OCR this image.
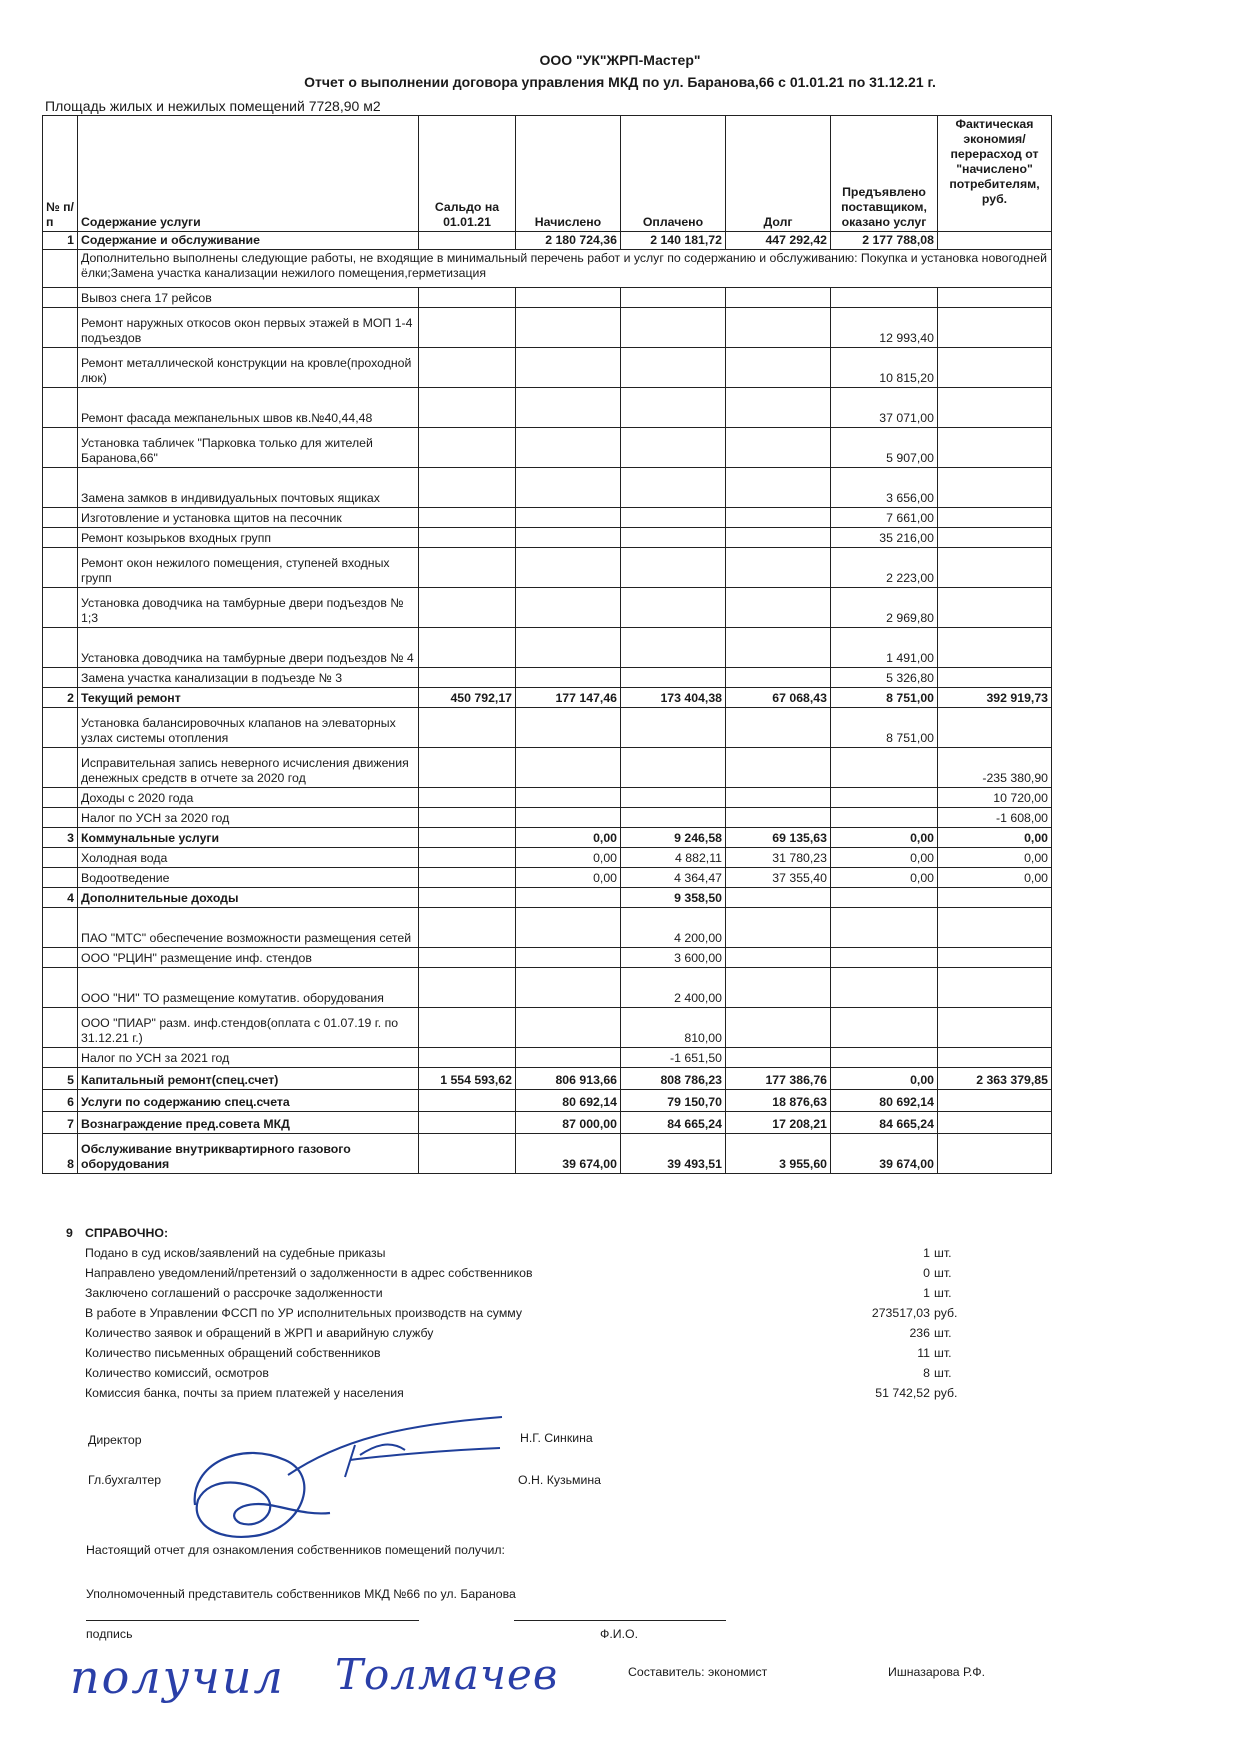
ООО "УК"ЖРП-Мастер"
Отчет о выполнении договора управления МКД по ул. Баранова,66 с 01.01.21 по 31.12.21 г.
Площадь жилых и нежилых помещений 7728,90 м2
№ п/п	Содержание услуги	Сальдо на 01.01.21	Начислено	Оплачено	Долг	Предъявлено поставщиком, оказано услуг	Фактическая экономия/перерасход от "начислено" потребителям, руб.
1	Содержание и обслуживание		2 180 724,36	2 140 181,72	447 292,42	2 177 788,08	
	Дополнительно выполнены следующие работы, не входящие в минимальный перечень работ и услуг по содержанию и обслуживанию: Покупка и установка новогодней ёлки;Замена участка канализации нежилого помещения,герметизация						
	Вывоз снега 17 рейсов						
	Ремонт наружных откосов окон первых этажей в МОП 1-4 подъездов					12 993,40	
	Ремонт металлической конструкции на кровле(проходной люк)					10 815,20	
	Ремонт фасада межпанельных швов кв.№40,44,48					37 071,00	
	Установка табличек "Парковка только для жителей Баранова,66"					5 907,00	
	Замена замков в индивидуальных почтовых ящиках					3 656,00	
	Изготовление и установка щитов на песочник					7 661,00	
	Ремонт козырьков входных групп					35 216,00	
	Ремонт окон нежилого помещения, ступеней входных групп					2 223,00	
	Установка доводчика на тамбурные двери подъездов № 1;3					2 969,80	
	Установка доводчика на тамбурные двери подъездов № 4					1 491,00	
	Замена участка канализации в подъезде № 3					5 326,80	
2	Текущий ремонт	450 792,17	177 147,46	173 404,38	67 068,43	8 751,00	392 919,73
	Установка балансировочных клапанов на элеваторных узлах системы отопления					8 751,00	
	Исправительная запись неверного исчисления движения денежных средств в отчете за 2020 год						-235 380,90
	Доходы с 2020 года						10 720,00
	Налог по УСН за 2020 год						-1 608,00
3	Коммунальные услуги		0,00	9 246,58	69 135,63	0,00	0,00
	Холодная вода		0,00	4 882,11	31 780,23	0,00	0,00
	Водоотведение		0,00	4 364,47	37 355,40	0,00	0,00
4	Дополнительные доходы			9 358,50			
	ПАО "МТС" обеспечение возможности размещения сетей			4 200,00			
	ООО "РЦИН" размещение инф. стендов			3 600,00			
	ООО "НИ" ТО размещение комутатив. оборудования			2 400,00			
	ООО "ПИАР" разм. инф.стендов(оплата с 01.07.19 г. по 31.12.21 г.)			810,00			
	Налог по УСН за 2021 год			-1 651,50			
5	Капитальный ремонт(спец.счет)	1 554 593,62	806 913,66	808 786,23	177 386,76	0,00	2 363 379,85
6	Услуги по содержанию спец.счета		80 692,14	79 150,70	18 876,63	80 692,14	
7	Вознаграждение пред.совета МКД		87 000,00	84 665,24	17 208,21	84 665,24	
8	Обслуживание внутриквартирного газового оборудования		39 674,00	39 493,51	3 955,60	39 674,00	
9 СПРАВОЧНО:
Подано в суд исков/заявлений на судебные приказы	1 шт.
Направлено уведомлений/претензий о задолженности в адрес собственников	0 шт.
Заключено соглашений о рассрочке задолженности	1 шт.
В работе в Управлении ФССП по УР исполнительных производств на сумму	273517,03 руб.
Количество заявок и обращений в ЖРП и аварийную службу	236 шт.
Количество письменных обращений собственников	11 шт.
Количество комиссий, осмотров	8 шт.
Комиссия банка, почты за прием платежей у населения	51 742,52 руб.
Директор	Н.Г. Синкина
Гл.бухгалтер	О.Н. Кузьмина
Настоящий отчет для ознакомления собственников помещений получил:
Уполномоченный представитель собственников МКД №66 по ул. Баранова
подпись	Ф.И.О.
получил Толмачев	Составитель: экономист	Ишназарова Р.Ф.
